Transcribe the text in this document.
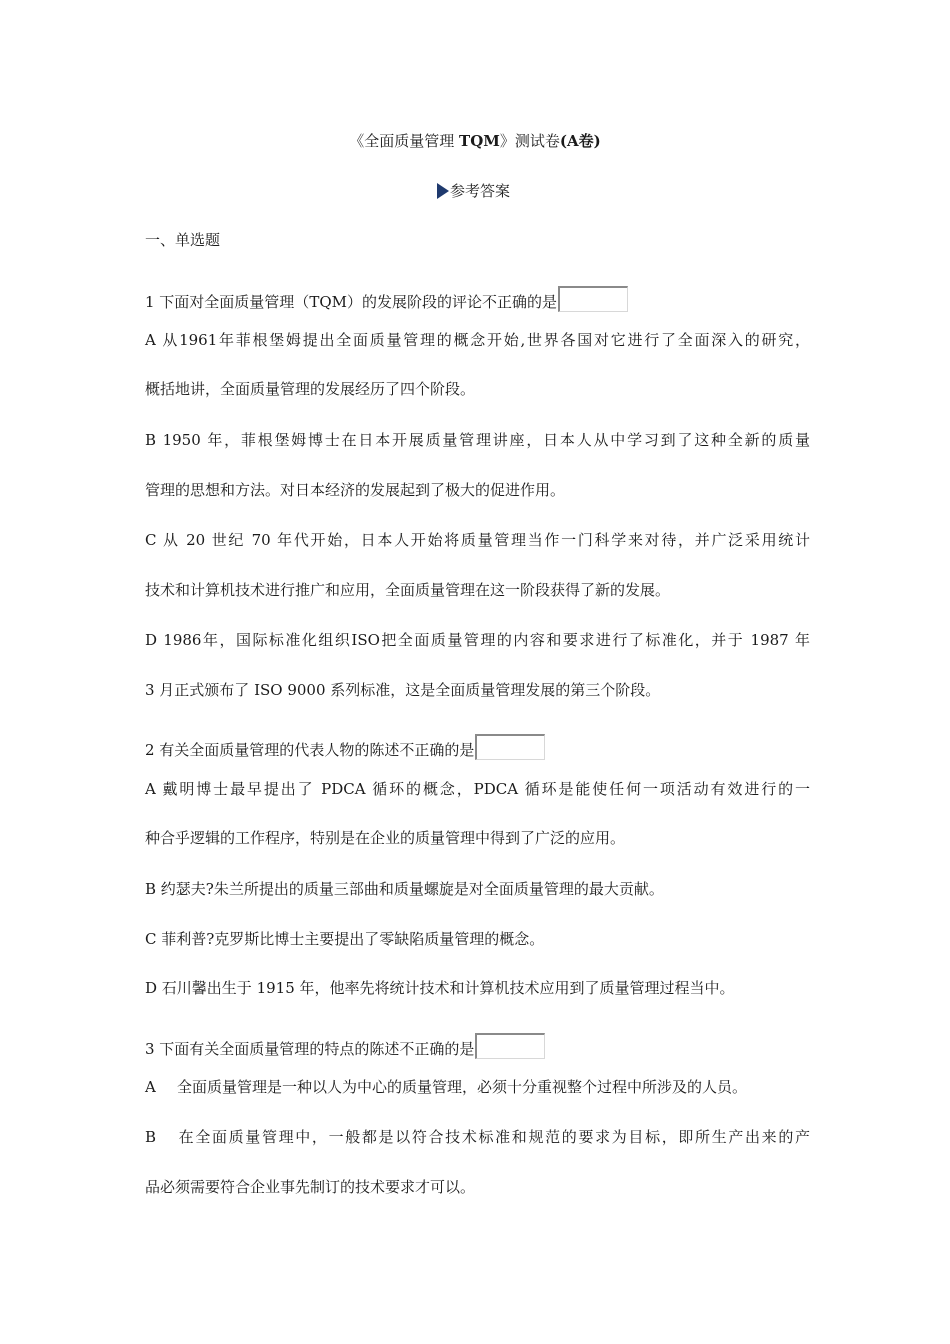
《全面质量管理 TQM》测试卷(A卷)
参考答案
一、单选题
1 下面对全面质量管理（TQM）的发展阶段的评论不正确的是
A 从1961年菲根堡姆提出全面质量管理的概念开始,世界各国对它进行了全面深入的研究，
概括地讲，全面质量管理的发展经历了四个阶段。
B 1950 年，菲根堡姆博士在日本开展质量管理讲座，日本人从中学习到了这种全新的质量
管理的思想和方法。对日本经济的发展起到了极大的促进作用。
C 从 20 世纪 70 年代开始，日本人开始将质量管理当作一门科学来对待，并广泛采用统计
技术和计算机技术进行推广和应用，全面质量管理在这一阶段获得了新的发展。
D 1986年，国际标准化组织ISO把全面质量管理的内容和要求进行了标准化，并于 1987 年
3 月正式颁布了 ISO 9000 系列标准，这是全面质量管理发展的第三个阶段。
2 有关全面质量管理的代表人物的陈述不正确的是
A 戴明博士最早提出了 PDCA 循环的概念，PDCA 循环是能使任何一项活动有效进行的一
种合乎逻辑的工作程序，特别是在企业的质量管理中得到了广泛的应用。
B 约瑟夫?朱兰所提出的质量三部曲和质量螺旋是对全面质量管理的最大贡献。
C 菲利普?克罗斯比博士主要提出了零缺陷质量管理的概念。
D 石川馨出生于 1915 年，他率先将统计技术和计算机技术应用到了质量管理过程当中。
3 下面有关全面质量管理的特点的陈述不正确的是
A 全面质量管理是一种以人为中心的质量管理，必须十分重视整个过程中所涉及的人员。
B 在全面质量管理中，一般都是以符合技术标准和规范的要求为目标，即所生产出来的产
品必须需要符合企业事先制订的技术要求才可以。
